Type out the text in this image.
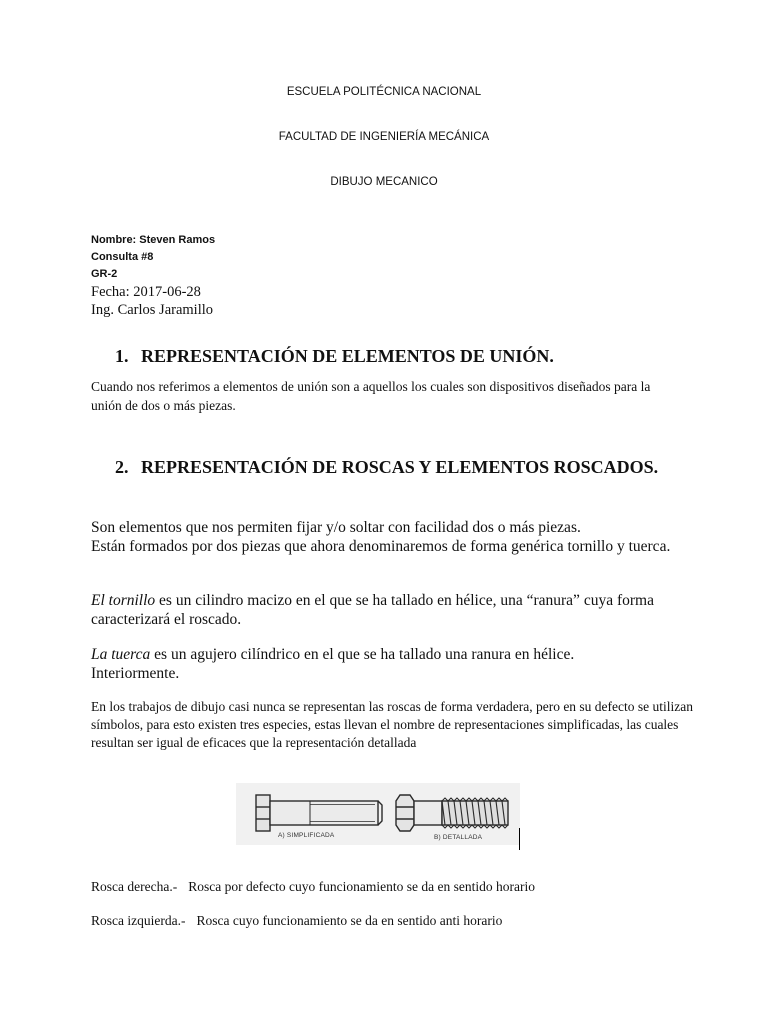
ESCUELA POLITÉCNICA NACIONAL

FACULTAD DE INGENIERÍA MECÁNICA

DIBUJO MECANICO

Nombre: Steven Ramos
Consulta #8
GR-2
Fecha: 2017-06-28
Ing. Carlos Jaramillo
1. REPRESENTACIÓN DE ELEMENTOS DE UNIÓN.

Cuando nos referimos a elementos de unión son a aquellos los cuales son dispositivos diseñados para la unión de dos o más piezas.

2. REPRESENTACIÓN DE ROSCAS Y ELEMENTOS ROSCADOS.
Son elementos que nos permiten fijar y/o soltar con facilidad dos o más piezas.
Están formados por dos piezas que ahora denominaremos de forma genérica tornillo y tuerca.

El tornillo es un cilindro macizo en el que se ha tallado en hélice, una “ranura” cuya forma caracterizará el roscado.

La tuerca es un agujero cilíndrico en el que se ha tallado una ranura en hélice. Interiormente.

En los trabajos de dibujo casi nunca se representan las roscas de forma verdadera, pero en su defecto se utilizan símbolos, para esto existen tres especies, estas llevan el nombre de representaciones simplificadas, las cuales resultan ser igual de eficaces que la representación detallada

A) SIMPLIFICADA	B) DETALLADA

Rosca derecha.- Rosca por defecto cuyo funcionamiento se da en sentido horario

Rosca izquierda.- Rosca cuyo funcionamiento se da en sentido anti horario
